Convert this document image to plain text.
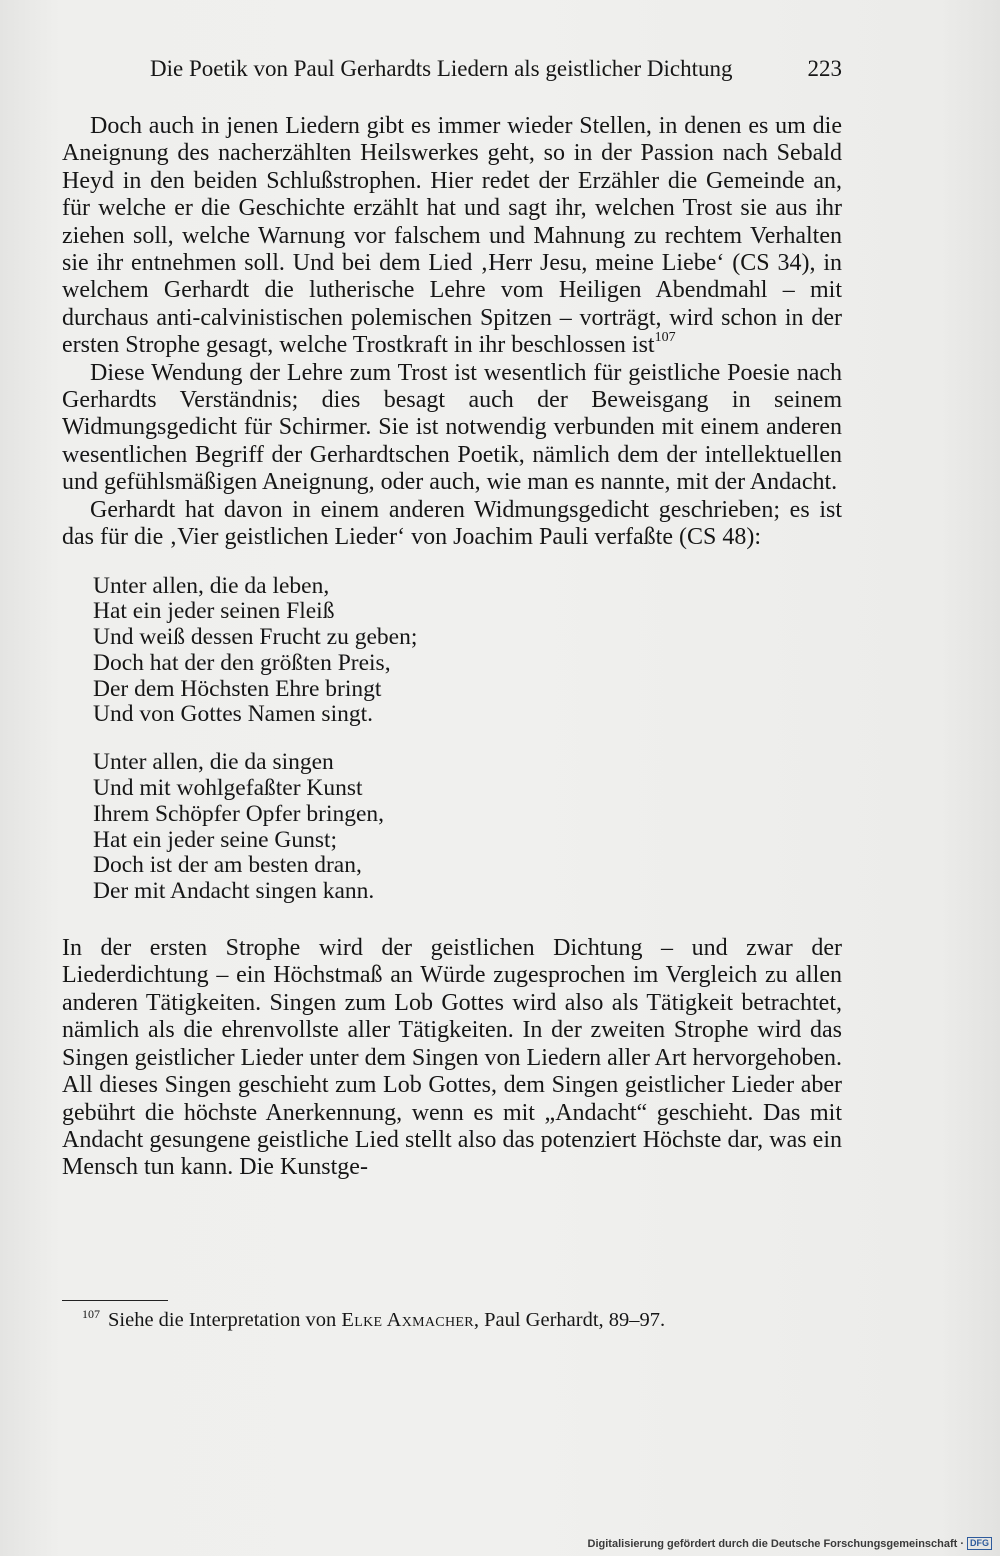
Die Poetik von Paul Gerhardts Liedern als geistlicher Dichtung	223

Doch auch in jenen Liedern gibt es immer wieder Stellen, in denen es um die Aneignung des nacherzählten Heilswerkes geht, so in der Passion nach Sebald Heyd in den beiden Schlußstrophen. Hier redet der Erzähler die Gemeinde an, für welche er die Geschichte erzählt hat und sagt ihr, welchen Trost sie aus ihr ziehen soll, welche Warnung vor falschem und Mahnung zu rechtem Verhalten sie ihr entnehmen soll. Und bei dem Lied ‚Herr Jesu, meine Liebe‘ (CS 34), in welchem Gerhardt die lutherische Lehre vom Heiligen Abendmahl – mit durchaus anti-calvinistischen polemischen Spitzen – vorträgt, wird schon in der ersten Strophe gesagt, welche Trostkraft in ihr beschlossen ist$^{107}$

Diese Wendung der Lehre zum Trost ist wesentlich für geistliche Poesie nach Gerhardts Verständnis; dies besagt auch der Beweisgang in seinem Widmungsgedicht für Schirmer. Sie ist notwendig verbunden mit einem anderen wesentlichen Begriff der Gerhardtschen Poetik, nämlich dem der intellektuellen und gefühlsmäßigen Aneignung, oder auch, wie man es nannte, mit der Andacht.

Gerhardt hat davon in einem anderen Widmungsgedicht geschrieben; es ist das für die ‚Vier geistlichen Lieder‘ von Joachim Pauli verfaßte (CS 48):

Unter allen, die da leben,
Hat ein jeder seinen Fleiß
Und weiß dessen Frucht zu geben;
Doch hat der den größten Preis,
Der dem Höchsten Ehre bringt
Und von Gottes Namen singt.
Unter allen, die da singen
Und mit wohlgefaßter Kunst
Ihrem Schöpfer Opfer bringen,
Hat ein jeder seine Gunst;
Doch ist der am besten dran,
Der mit Andacht singen kann.

In der ersten Strophe wird der geistlichen Dichtung – und zwar der Liederdichtung – ein Höchstmaß an Würde zugesprochen im Vergleich zu allen anderen Tätigkeiten. Singen zum Lob Gottes wird also als Tätigkeit betrachtet, nämlich als die ehrenvollste aller Tätigkeiten. In der zweiten Strophe wird das Singen geistlicher Lieder unter dem Singen von Liedern aller Art hervorgehoben. All dieses Singen geschieht zum Lob Gottes, dem Singen geistlicher Lieder aber gebührt die höchste Anerkennung, wenn es mit „Andacht“ geschieht. Das mit Andacht gesungene geistliche Lied stellt also das potenziert Höchste dar, was ein Mensch tun kann. Die Kunstge-

$^{107}$ Siehe die Interpretation von Elke Axmacher, Paul Gerhardt, 89–97.
Digitalisierung gefördert durch die Deutsche Forschungsgemeinschaft · DFG
